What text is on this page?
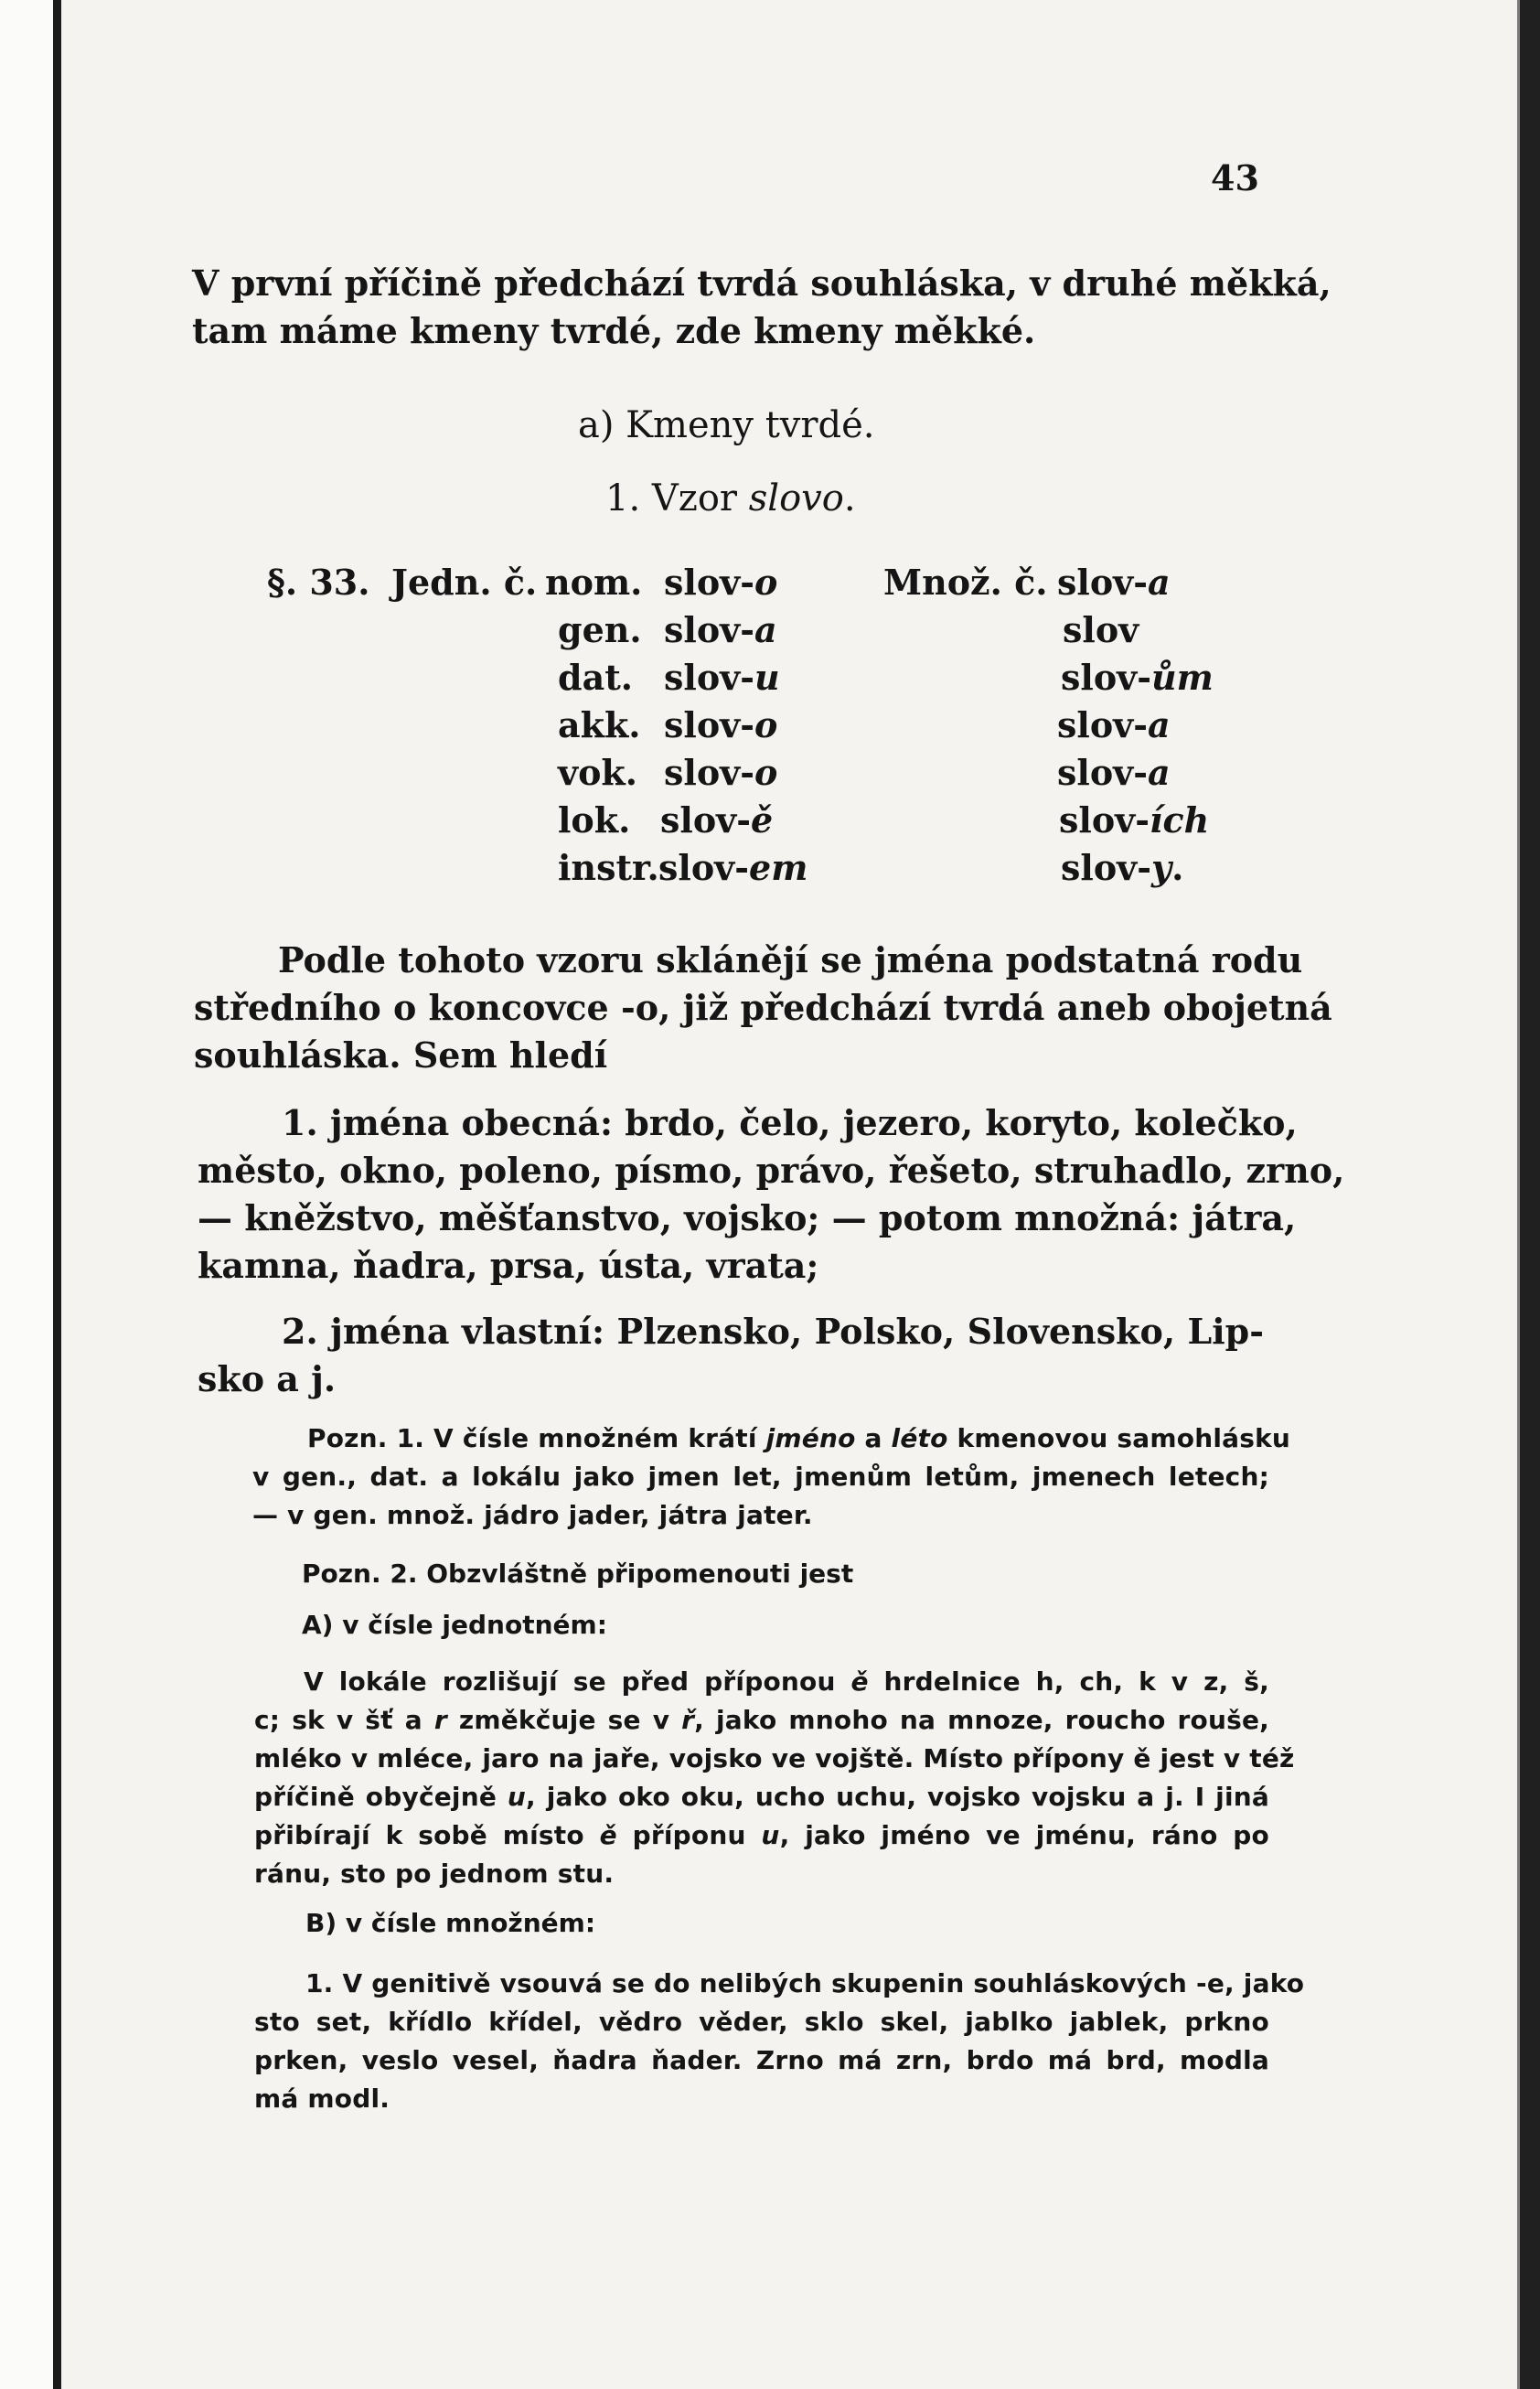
43
V první příčině předchází tvrdá souhláska, v druhé měkká,
tam máme kmeny tvrdé, zde kmeny měkké.
a) Kmeny tvrdé.
1. Vzor slovo.
§. 33. Jedn. č.	Množ. č.
nom.
gen.
dat.
akk.
vok.
lok.
instr.
slov-o
slov-a
slov-u
slov-o
slov-o
slov-ě
slov-em
slov-a
slov
slov-ům
slov-a
slov-a
slov-ích
slov-y.
Podle tohoto vzoru sklánějí se jména podstatná rodu
středního o koncovce -o, již předchází tvrdá aneb obojetná
souhláska. Sem hledí
1. jména obecná: brdo, čelo, jezero, koryto, kolečko,
město, okno, poleno, písmo, právo, řešeto, struhadlo, zrno,
— kněžstvo, měšťanstvo, vojsko; — potom množná: játra,
kamna, ňadra, prsa, ústa, vrata;
2. jména vlastní: Plzensko, Polsko, Slovensko, Lip-
sko a j.
Pozn. 1. V čísle množném krátí jméno a léto kmenovou samohlásku
v gen., dat. a lokálu jako jmen let, jmenům letům, jmenech letech;
— v gen. množ. jádro jader, játra jater.
Pozn. 2. Obzvláštně připomenouti jest
A) v čísle jednotném:
V lokále rozlišují se před příponou ě hrdelnice h, ch, k v z, š,
c; sk v šť a r změkčuje se v ř, jako mnoho na mnoze, roucho rouše,
mléko v mléce, jaro na jaře, vojsko ve vojště. Místo přípony ě jest v též
příčině obyčejně u, jako oko oku, ucho uchu, vojsko vojsku a j. I jiná
přibírají k sobě místo ě příponu u, jako jméno ve jménu, ráno po
ránu, sto po jednom stu.
B) v čísle množném:
1. V genitivě vsouvá se do nelibých skupenin souhláskových -e, jako
sto set, křídlo křídel, vědro věder, sklo skel, jablko jablek, prkno
prken, veslo vesel, ňadra ňader. Zrno má zrn, brdo má brd, modla
má modl.
